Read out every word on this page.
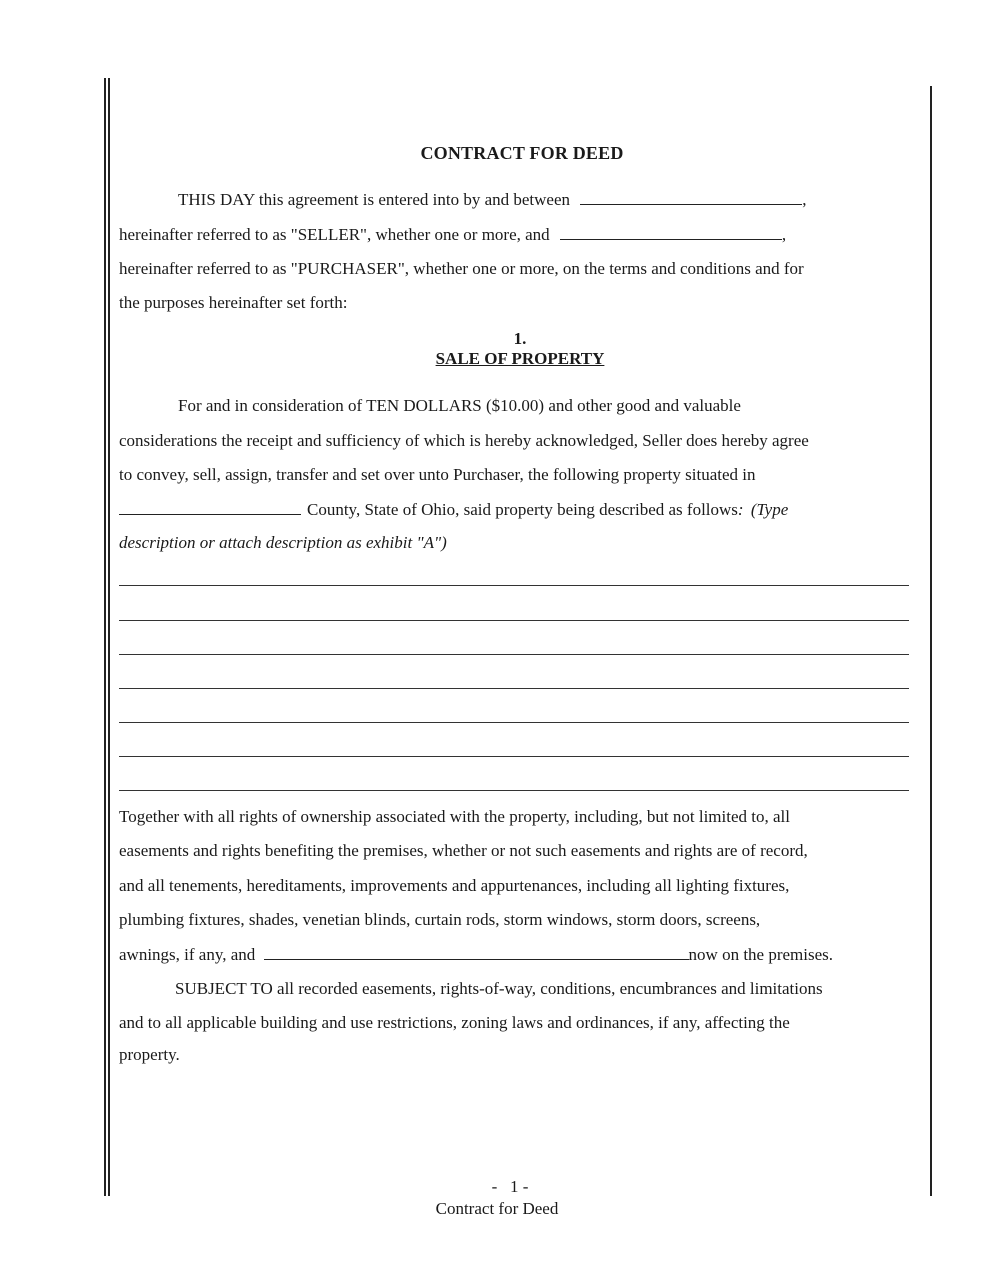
CONTRACT FOR DEED
THIS DAY this agreement is entered into by and between	,
hereinafter referred to as "SELLER", whether one or more, and	,
hereinafter referred to as "PURCHASER", whether one or more, on the terms and conditions and for
the purposes hereinafter set forth:
1.
SALE OF PROPERTY
For and in consideration of TEN DOLLARS ($10.00) and other good and valuable
considerations the receipt and sufficiency of which is hereby acknowledged, Seller does hereby agree
to convey, sell, assign, transfer and set over unto Purchaser, the following property situated in
County, State of Ohio, said property being described as follows: (Type
description or attach description as exhibit "A")
Together with all rights of ownership associated with the property, including, but not limited to, all
easements and rights benefiting the premises, whether or not such easements and rights are of record,
and all tenements, hereditaments, improvements and appurtenances, including all lighting fixtures,
plumbing fixtures, shades, venetian blinds, curtain rods, storm windows, storm doors, screens,
awnings, if any, and	now on the premises.
SUBJECT TO all recorded easements, rights-of-way, conditions, encumbrances and limitations
and to all applicable building and use restrictions, zoning laws and ordinances, if any, affecting the
property.
-   1 -
Contract for Deed
